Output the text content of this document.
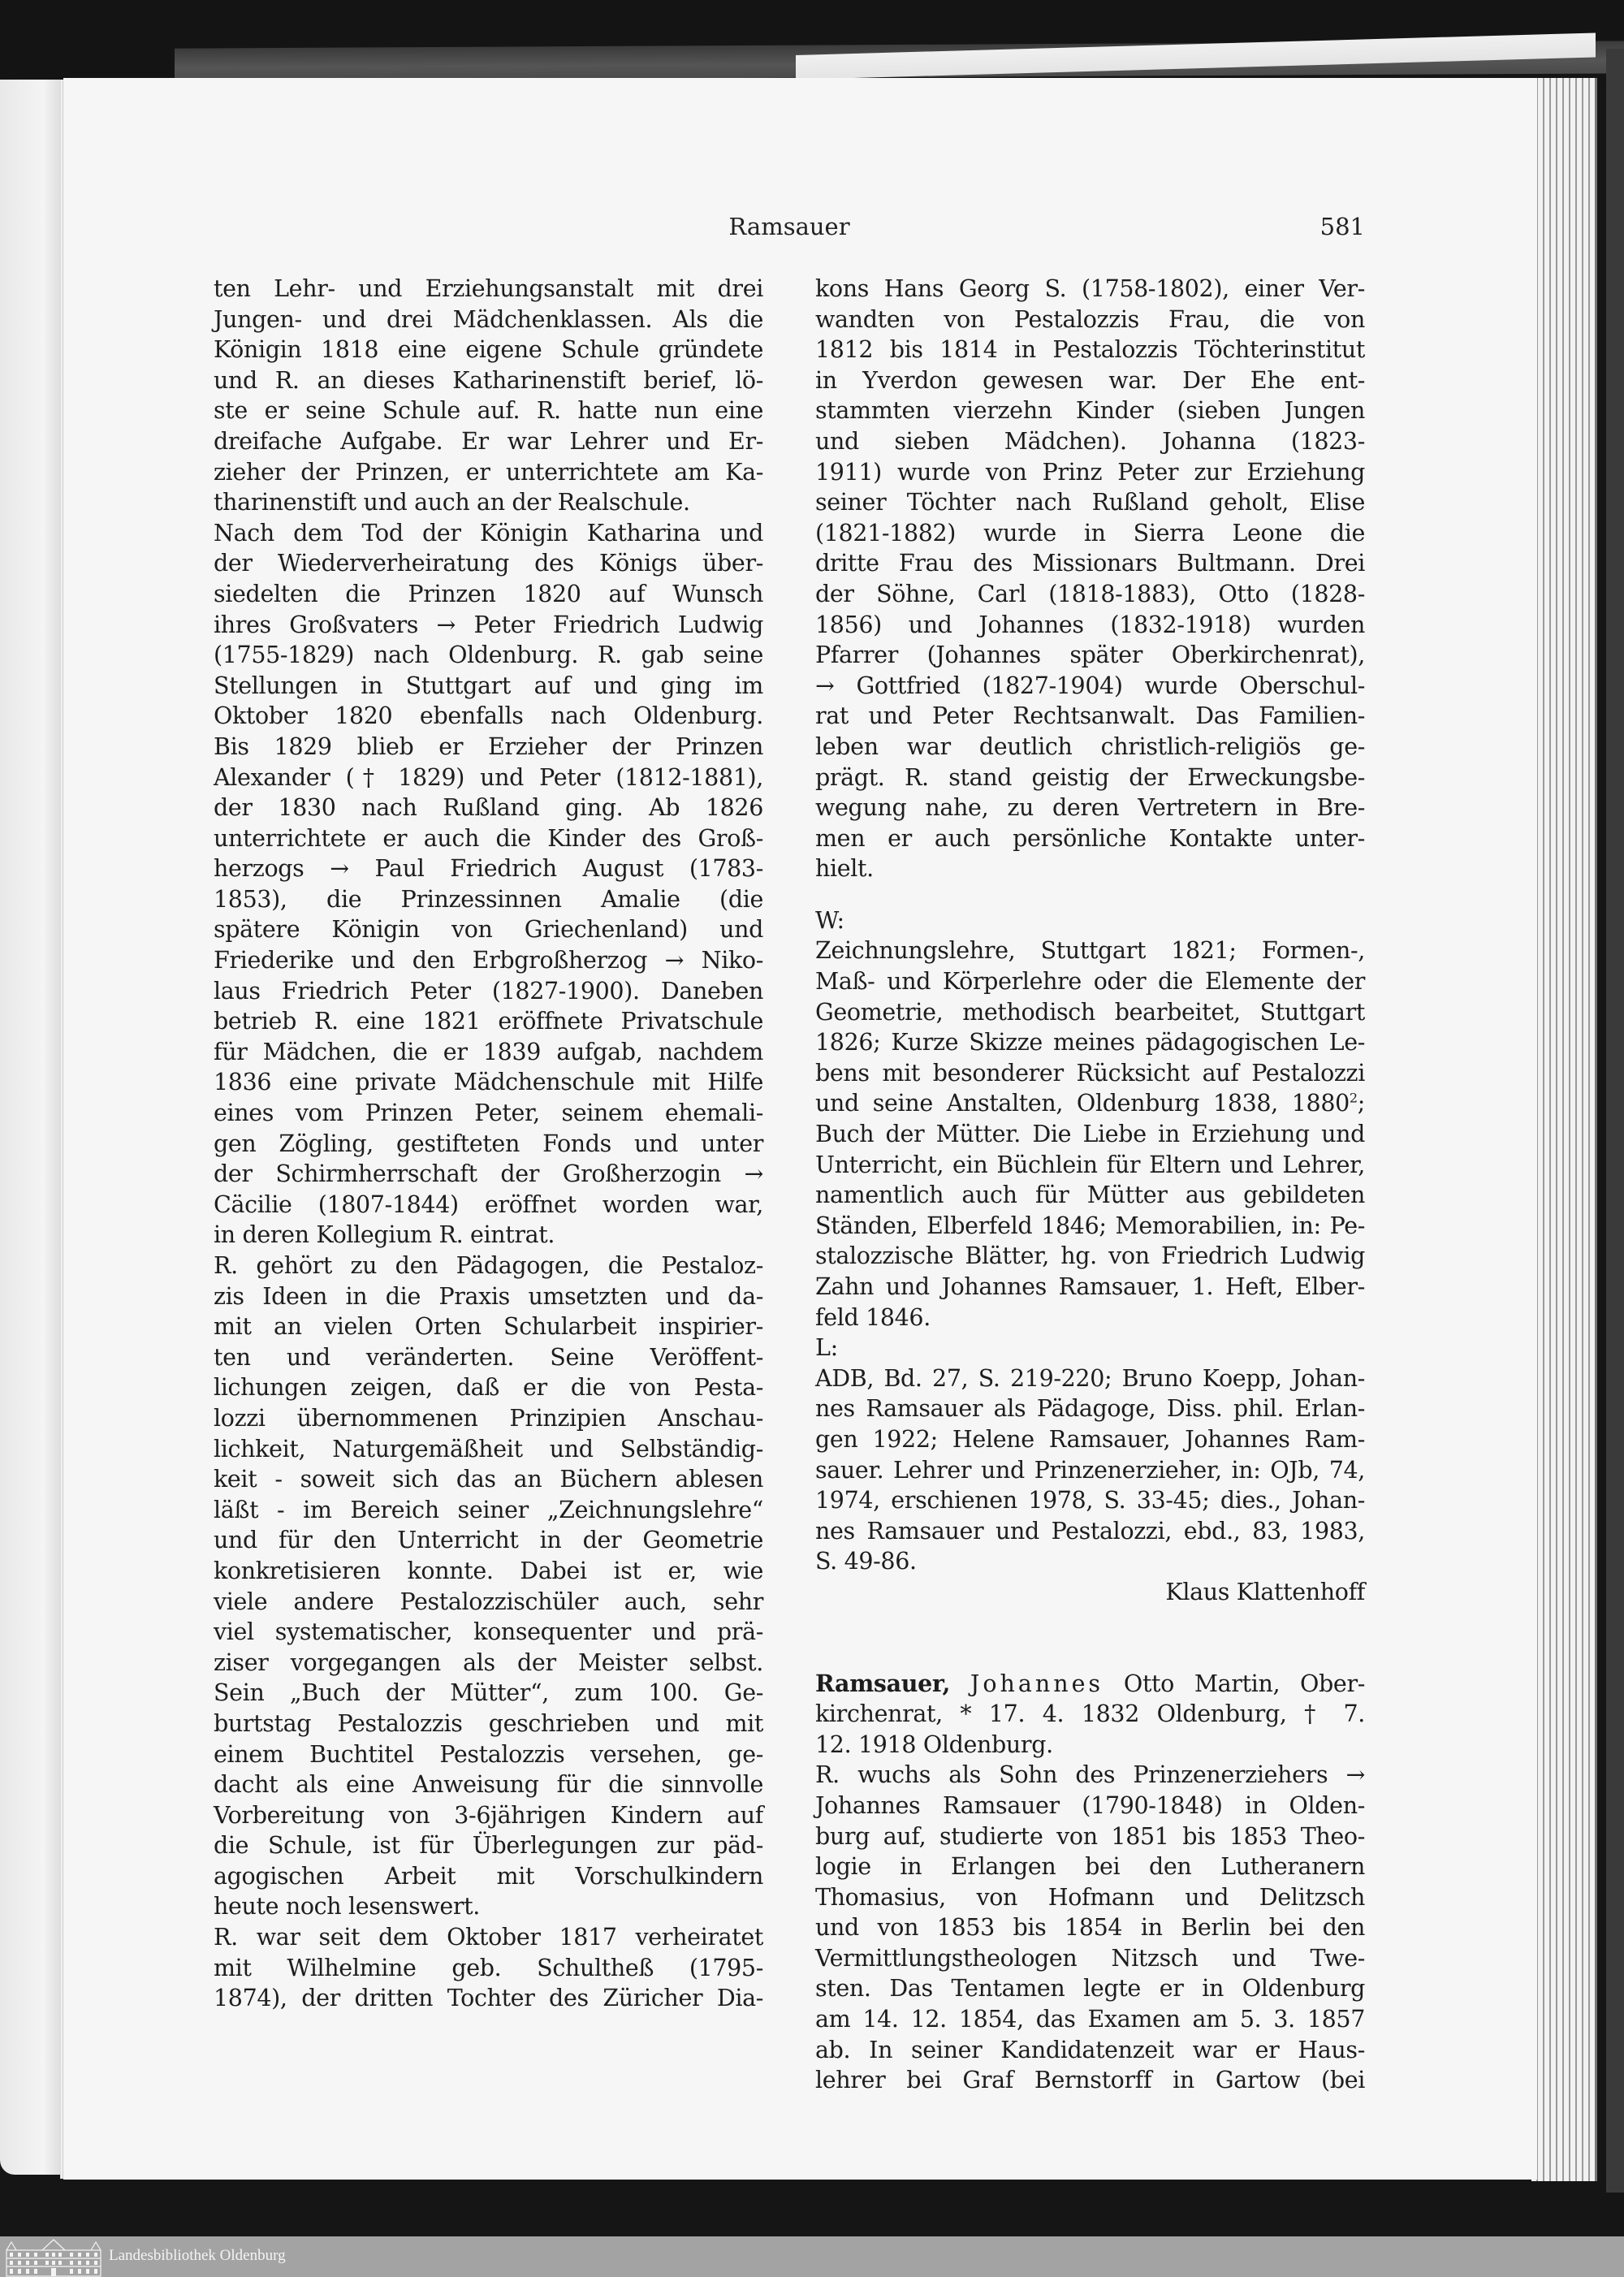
Ramsauer	581
ten Lehr- und Erziehungsanstalt mit drei
Jungen- und drei Mädchenklassen. Als die
Königin 1818 eine eigene Schule gründete
und R. an dieses Katharinenstift berief, lö-
ste er seine Schule auf. R. hatte nun eine
dreifache Aufgabe. Er war Lehrer und Er-
zieher der Prinzen, er unterrichtete am Ka-
tharinenstift und auch an der Realschule.
Nach dem Tod der Königin Katharina und
der Wiederverheiratung des Königs über-
siedelten die Prinzen 1820 auf Wunsch
ihres Großvaters → Peter Friedrich Ludwig
(1755-1829) nach Oldenburg. R. gab seine
Stellungen in Stuttgart auf und ging im
Oktober 1820 ebenfalls nach Oldenburg.
Bis 1829 blieb er Erzieher der Prinzen
Alexander († 1829) und Peter (1812-1881),
der 1830 nach Rußland ging. Ab 1826
unterrichtete er auch die Kinder des Groß-
herzogs → Paul Friedrich August (1783-
1853), die Prinzessinnen Amalie (die
spätere Königin von Griechenland) und
Friederike und den Erbgroßherzog → Niko-
laus Friedrich Peter (1827-1900). Daneben
betrieb R. eine 1821 eröffnete Privatschule
für Mädchen, die er 1839 aufgab, nachdem
1836 eine private Mädchenschule mit Hilfe
eines vom Prinzen Peter, seinem ehemali-
gen Zögling, gestifteten Fonds und unter
der Schirmherrschaft der Großherzogin →
Cäcilie (1807-1844) eröffnet worden war,
in deren Kollegium R. eintrat.
R. gehört zu den Pädagogen, die Pestaloz-
zis Ideen in die Praxis umsetzten und da-
mit an vielen Orten Schularbeit inspirier-
ten und veränderten. Seine Veröffent-
lichungen zeigen, daß er die von Pesta-
lozzi übernommenen Prinzipien Anschau-
lichkeit, Naturgemäßheit und Selbständig-
keit - soweit sich das an Büchern ablesen
läßt - im Bereich seiner „Zeichnungslehre“
und für den Unterricht in der Geometrie
konkretisieren konnte. Dabei ist er, wie
viele andere Pestalozzischüler auch, sehr
viel systematischer, konsequenter und prä-
ziser vorgegangen als der Meister selbst.
Sein „Buch der Mütter“, zum 100. Ge-
burtstag Pestalozzis geschrieben und mit
einem Buchtitel Pestalozzis versehen, ge-
dacht als eine Anweisung für die sinnvolle
Vorbereitung von 3-6jährigen Kindern auf
die Schule, ist für Überlegungen zur päd-
agogischen Arbeit mit Vorschulkindern
heute noch lesenswert.
R. war seit dem Oktober 1817 verheiratet
mit Wilhelmine geb. Schultheß (1795-
1874), der dritten Tochter des Züricher Dia-
kons Hans Georg S. (1758-1802), einer Ver-
wandten von Pestalozzis Frau, die von
1812 bis 1814 in Pestalozzis Töchterinstitut
in Yverdon gewesen war. Der Ehe ent-
stammten vierzehn Kinder (sieben Jungen
und sieben Mädchen). Johanna (1823-
1911) wurde von Prinz Peter zur Erziehung
seiner Töchter nach Rußland geholt, Elise
(1821-1882) wurde in Sierra Leone die
dritte Frau des Missionars Bultmann. Drei
der Söhne, Carl (1818-1883), Otto (1828-
1856) und Johannes (1832-1918) wurden
Pfarrer (Johannes später Oberkirchenrat),
→ Gottfried (1827-1904) wurde Oberschul-
rat und Peter Rechtsanwalt. Das Familien-
leben war deutlich christlich-religiös ge-
prägt. R. stand geistig der Erweckungsbe-
wegung nahe, zu deren Vertretern in Bre-
men er auch persönliche Kontakte unter-
hielt.
W:
Zeichnungslehre, Stuttgart 1821; Formen-,
Maß- und Körperlehre oder die Elemente der
Geometrie, methodisch bearbeitet, Stuttgart
1826; Kurze Skizze meines pädagogischen Le-
bens mit besonderer Rücksicht auf Pestalozzi
und seine Anstalten, Oldenburg 1838, 1880$^2$;
Buch der Mütter. Die Liebe in Erziehung und
Unterricht, ein Büchlein für Eltern und Lehrer,
namentlich auch für Mütter aus gebildeten
Ständen, Elberfeld 1846; Memorabilien, in: Pe-
stalozzische Blätter, hg. von Friedrich Ludwig
Zahn und Johannes Ramsauer, 1. Heft, Elber-
feld 1846.
L:
ADB, Bd. 27, S. 219-220; Bruno Koepp, Johan-
nes Ramsauer als Pädagoge, Diss. phil. Erlan-
gen 1922; Helene Ramsauer, Johannes Ram-
sauer. Lehrer und Prinzenerzieher, in: OJb, 74,
1974, erschienen 1978, S. 33-45; dies., Johan-
nes Ramsauer und Pestalozzi, ebd., 83, 1983,
S. 49-86.
Klaus Klattenhoff
Ramsauer, Johannes Otto Martin, Ober-
kirchenrat, * 17. 4. 1832 Oldenburg, † 7.
12. 1918 Oldenburg.
R. wuchs als Sohn des Prinzenerziehers →
Johannes Ramsauer (1790-1848) in Olden-
burg auf, studierte von 1851 bis 1853 Theo-
logie in Erlangen bei den Lutheranern
Thomasius, von Hofmann und Delitzsch
und von 1853 bis 1854 in Berlin bei den
Vermittlungstheologen Nitzsch und Twe-
sten. Das Tentamen legte er in Oldenburg
am 14. 12. 1854, das Examen am 5. 3. 1857
ab. In seiner Kandidatenzeit war er Haus-
lehrer bei Graf Bernstorff in Gartow (bei
Landesbibliothek Oldenburg
